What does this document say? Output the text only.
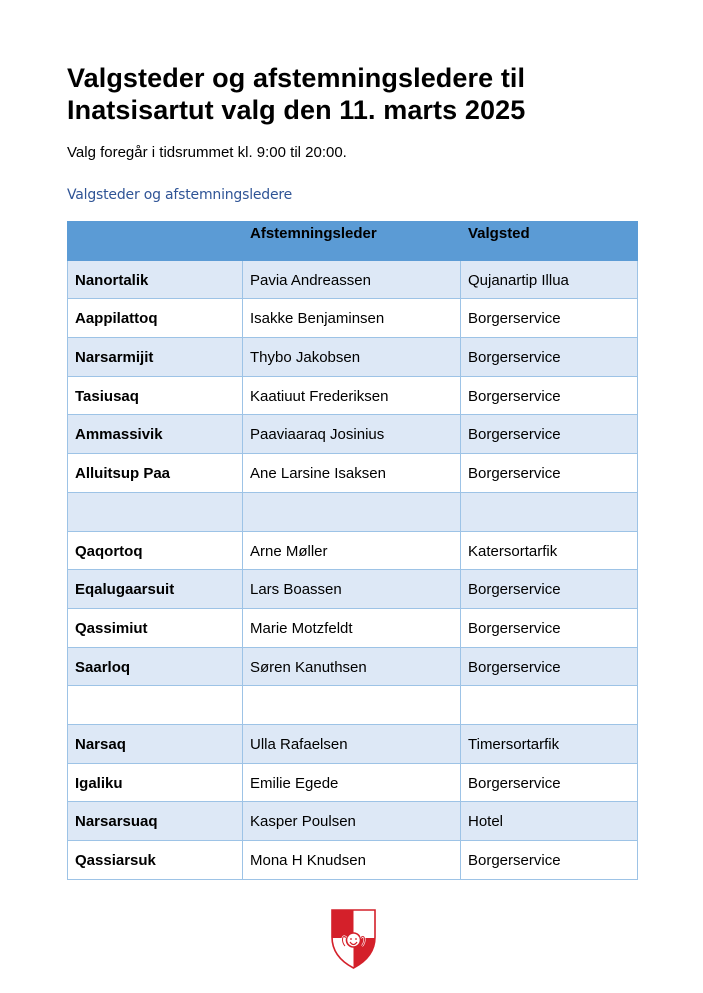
Valgsteder og afstemningsledere til
Inatsisartut valg den 11. marts 2025

Valg foregår i tidsrummet kl. 9:00 til 20:00.

Valgsteder og afstemningsledere
	Afstemningsleder	Valgsted
Nanortalik	Pavia Andreassen	Qujanartip Illua
Aappilattoq	Isakke Benjaminsen	Borgerservice
Narsarmijit	Thybo Jakobsen	Borgerservice
Tasiusaq	Kaatiuut Frederiksen	Borgerservice
Ammassivik	Paaviaaraq Josinius	Borgerservice
Alluitsup Paa	Ane Larsine Isaksen	Borgerservice

Qaqortoq	Arne Møller	Katersortarfik
Eqalugaarsuit	Lars Boassen	Borgerservice
Qassimiut	Marie Motzfeldt	Borgerservice
Saarloq	Søren Kanuthsen	Borgerservice

Narsaq	Ulla Rafaelsen	Timersortarfik
Igaliku	Emilie Egede	Borgerservice
Narsarsuaq	Kasper Poulsen	Hotel
Qassiarsuk	Mona H Knudsen	Borgerservice
